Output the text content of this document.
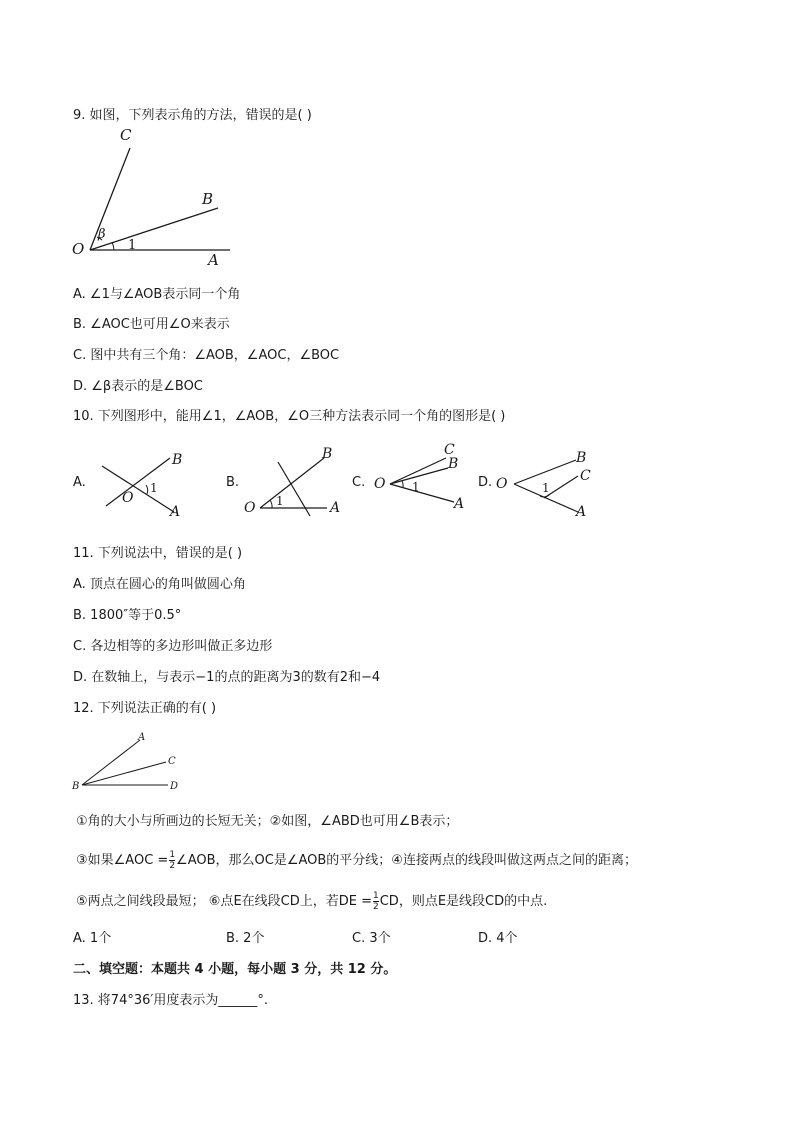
9. 如图，下列表示角的方法，错误的是( )
C
B
O
A
β
1
A. ∠1与∠AOB表示同一个角
B. ∠AOC也可用∠O来表示
C. 图中共有三个角：∠AOB，∠AOC，∠BOC
D. ∠β表示的是∠BOC
10. 下列图形中，能用∠1，∠AOB，∠O三种方法表示同一个角的图形是( )
A.
B
O
A
1	B.
B
O	A
1
C.
C
B
O
A
1	D.
B
C
O
A
1
11. 下列说法中，错误的是( )
A. 顶点在圆心的角叫做圆心角
B. 1800″等于0.5°
C. 各边相等的多边形叫做正多边形
D. 在数轴上，与表示−1的点的距离为3的数有2和−4
12. 下列说法正确的有( )
A
C
B	D
①角的大小与所画边的长短无关；②如图，∠ABD也可用∠B表示；
③如果∠AOC = $\frac{1}{2}$ ∠AOB，那么OC是∠AOB的平分线；④连接两点的线段叫做这两点之间的距离；
⑤两点之间线段最短； ⑥点E在线段CD上，若DE = $\frac{1}{2}$ CD，则点E是线段CD的中点.
A. 1个	B. 2个	C. 3个	D. 4个
二、填空题：本题共 4 小题，每小题 3 分，共 12 分。
13. 将74°36′用度表示为______°.
